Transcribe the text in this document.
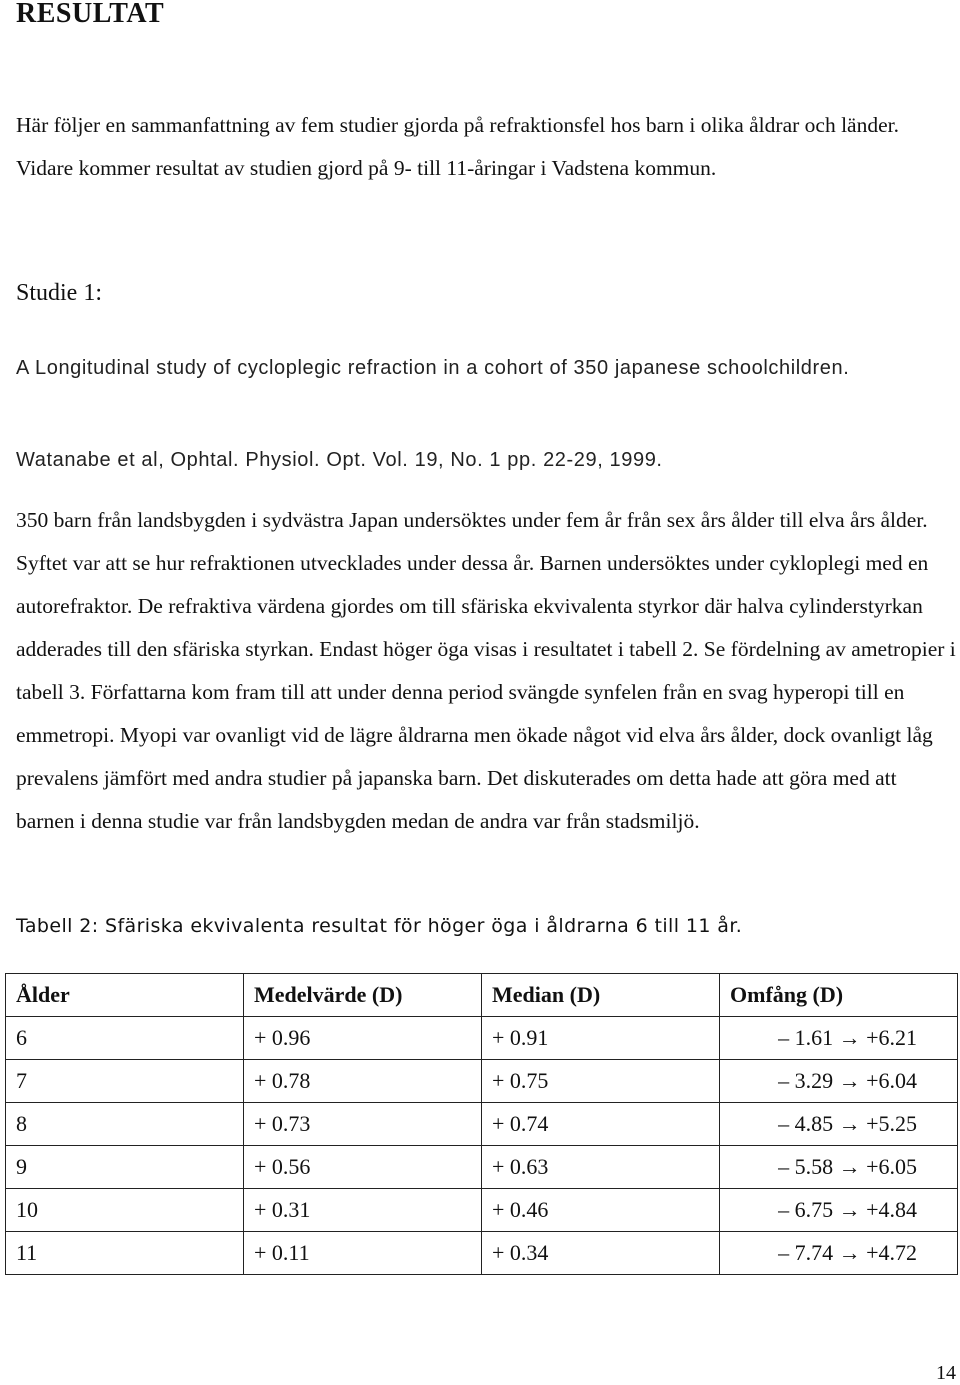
RESULTAT

Här följer en sammanfattning av fem studier gjorda på refraktionsfel hos barn i olika åldrar och länder. Vidare kommer resultat av studien gjord på 9- till 11-åringar i Vadstena kommun.

Studie 1:

A Longitudinal study of cycloplegic refraction in a cohort of 350 japanese schoolchildren.

Watanabe et al, Ophtal. Physiol. Opt. Vol. 19, No. 1 pp. 22-29, 1999.

350 barn från landsbygden i sydvästra Japan undersöktes under fem år från sex års ålder till elva års ålder. Syftet var att se hur refraktionen utvecklades under dessa år. Barnen undersöktes under cykloplegi med en autorefraktor. De refraktiva värdena gjordes om till sfäriska ekvivalenta styrkor där halva cylinderstyrkan adderades till den sfäriska styrkan. Endast höger öga visas i resultatet i tabell 2. Se fördelning av ametropier i tabell 3. Författarna kom fram till att under denna period svängde synfelen från en svag hyperopi till en emmetropi. Myopi var ovanligt vid de lägre åldrarna men ökade något vid elva års ålder, dock ovanligt låg prevalens jämfört med andra studier på japanska barn. Det diskuterades om detta hade att göra med att barnen i denna studie var från landsbygden medan de andra var från stadsmiljö.

Tabell 2: Sfäriska ekvivalenta resultat för höger öga i åldrarna 6 till 11 år.

Ålder	Medelvärde (D)	Median (D)	Omfång (D)
6	+ 0.96	+ 0.91	– 1.61 → +6.21
7	+ 0.78	+ 0.75	– 3.29 → +6.04
8	+ 0.73	+ 0.74	– 4.85 → +5.25
9	+ 0.56	+ 0.63	– 5.58 → +6.05
10	+ 0.31	+ 0.46	– 6.75 → +4.84
11	+ 0.11	+ 0.34	– 7.74 → +4.72
14
